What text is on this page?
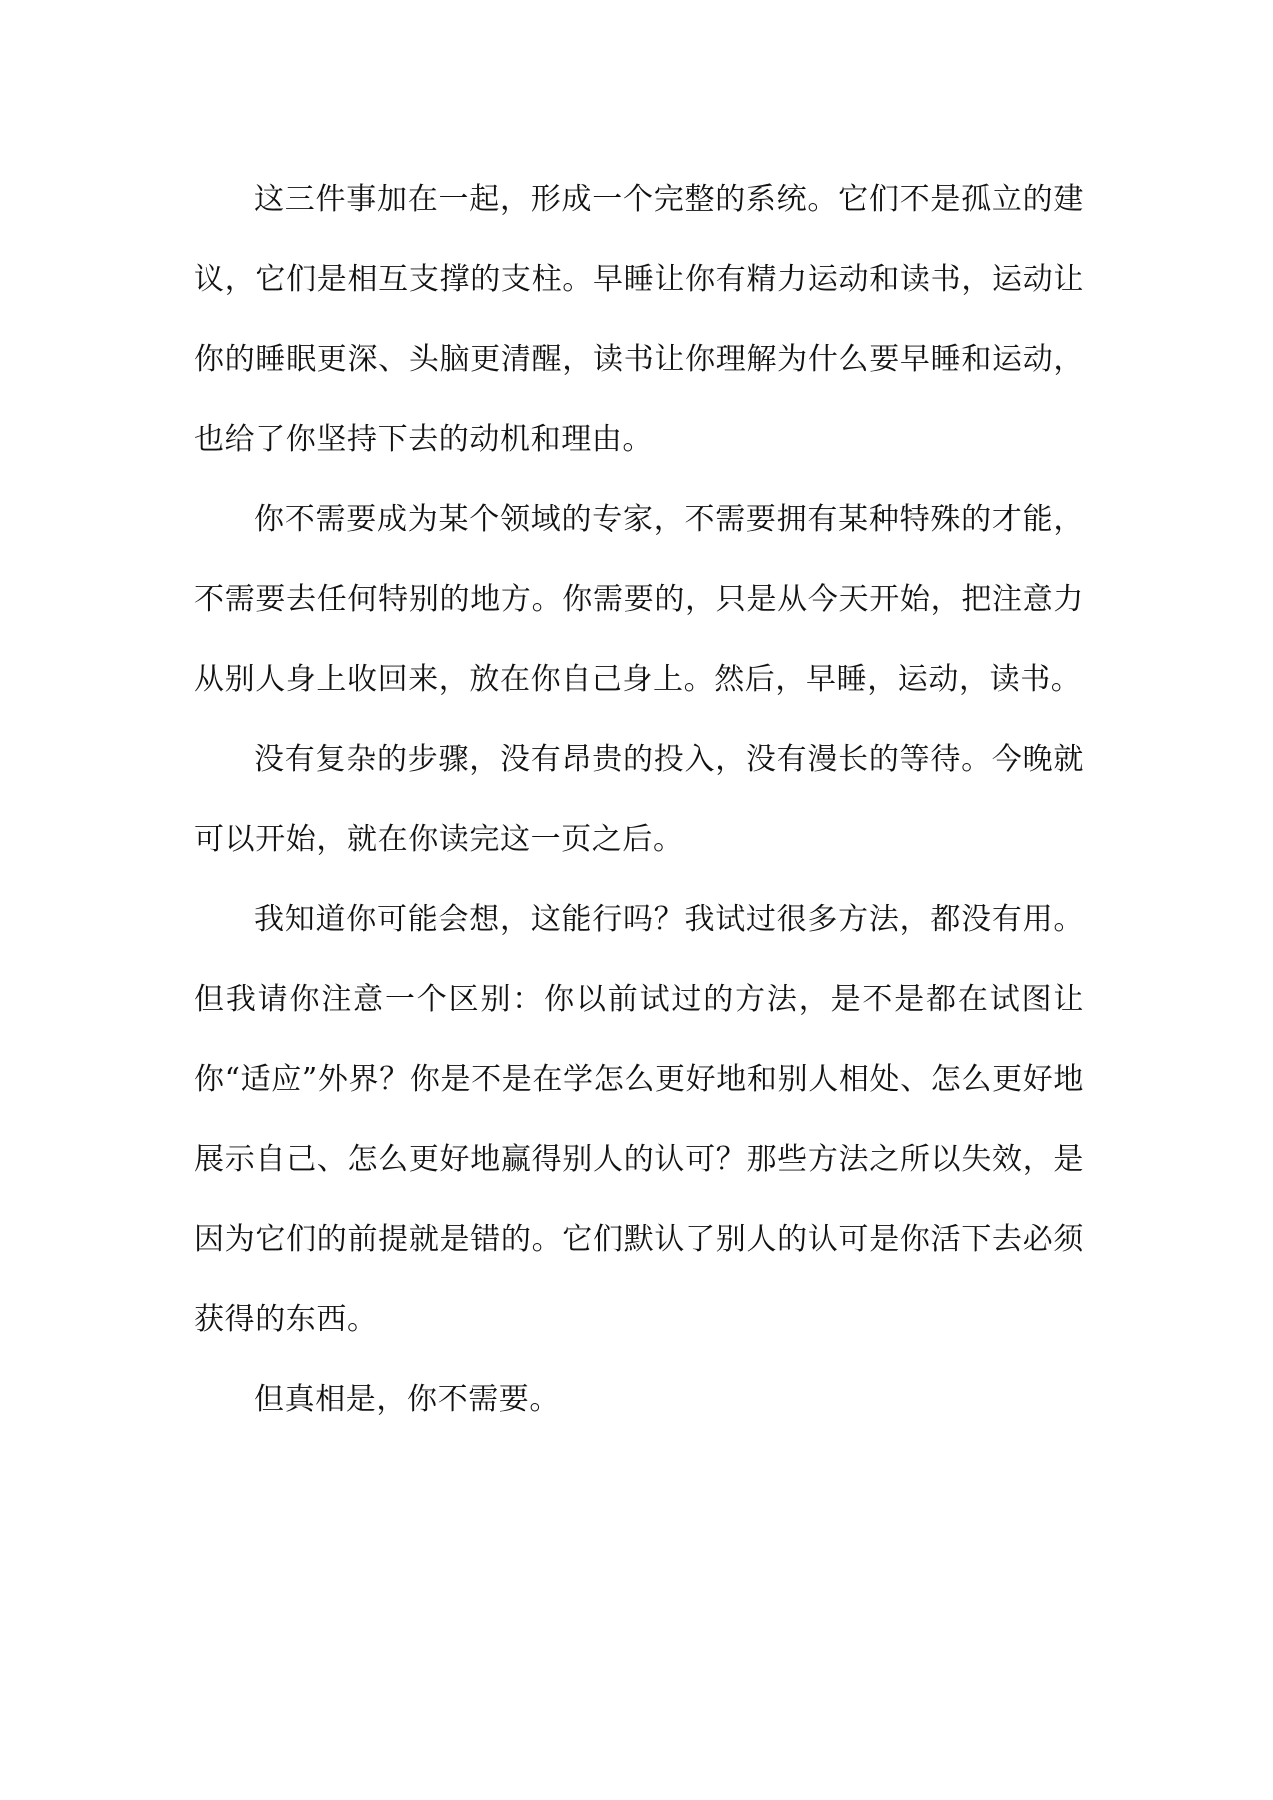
这三件事加在一起，形成一个完整的系统。它们不是孤立的建议，它们是相互支撑的支柱。早睡让你有精力运动和读书，运动让你的睡眠更深、头脑更清醒，读书让你理解为什么要早睡和运动，也给了你坚持下去的动机和理由。

你不需要成为某个领域的专家，不需要拥有某种特殊的才能，不需要去任何特别的地方。你需要的，只是从今天开始，把注意力从别人身上收回来，放在你自己身上。然后，早睡，运动，读书。

没有复杂的步骤，没有昂贵的投入，没有漫长的等待。今晚就可以开始，就在你读完这一页之后。

我知道你可能会想，这能行吗？我试过很多方法，都没有用。但我请你注意一个区别：你以前试过的方法，是不是都在试图让你“适应”外界？你是不是在学怎么更好地和别人相处、怎么更好地展示自己、怎么更好地赢得别人的认可？那些方法之所以失效，是因为它们的前提就是错的。它们默认了别人的认可是你活下去必须获得的东西。

但真相是，你不需要。
